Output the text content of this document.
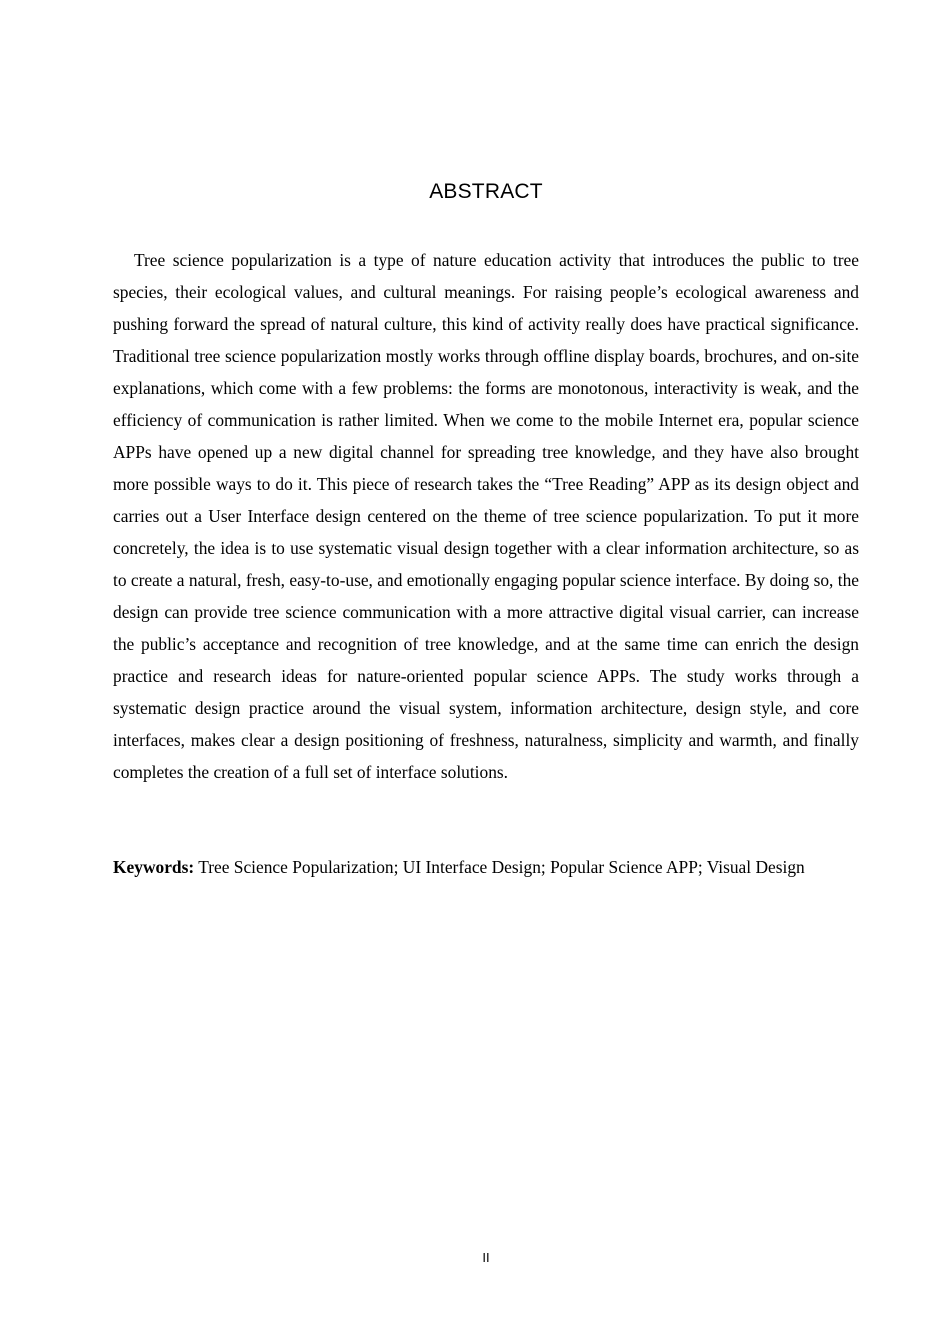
ABSTRACT

Tree science popularization is a type of nature education activity that introduces the public to tree species, their ecological values, and cultural meanings. For raising people’s ecological awareness and pushing forward the spread of natural culture, this kind of activity really does have practical significance. Traditional tree science popularization mostly works through offline display boards, brochures, and on-site explanations, which come with a few problems: the forms are monotonous, interactivity is weak, and the efficiency of communication is rather limited. When we come to the mobile Internet era, popular science APPs have opened up a new digital channel for spreading tree knowledge, and they have also brought more possible ways to do it. This piece of research takes the “Tree Reading” APP as its design object and carries out a User Interface design centered on the theme of tree science popularization. To put it more concretely, the idea is to use systematic visual design together with a clear information architecture, so as to create a natural, fresh, easy-to-use, and emotionally engaging popular science interface. By doing so, the design can provide tree science communication with a more attractive digital visual carrier, can increase the public’s acceptance and recognition of tree knowledge, and at the same time can enrich the design practice and research ideas for nature-oriented popular science APPs. The study works through a systematic design practice around the visual system, information architecture, design style, and core interfaces, makes clear a design positioning of freshness, naturalness, simplicity and warmth, and finally completes the creation of a full set of interface solutions.

Keywords: Tree Science Popularization; UI Interface Design; Popular Science APP; Visual Design

II
